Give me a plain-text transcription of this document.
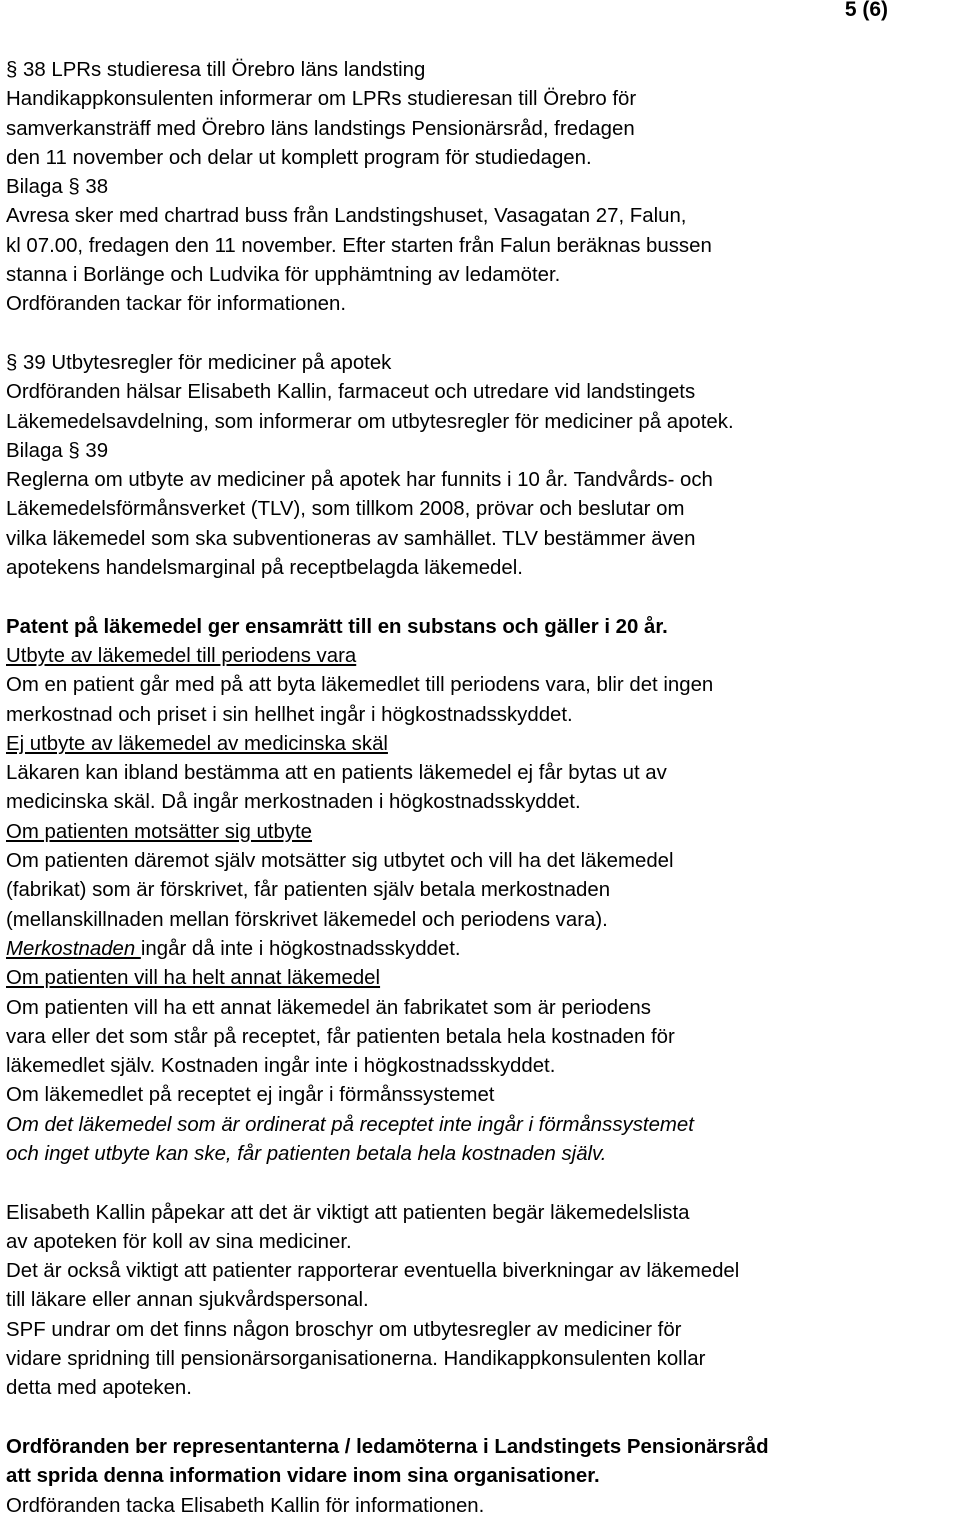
5 (6)

§ 38 LPRs studieresa till Örebro läns landsting

Handikappkonsulenten informerar om LPRs studieresan till Örebro för

samverkansträff med Örebro läns landstings Pensionärsråd, fredagen

den 11 november och delar ut komplett program för studiedagen.

Bilaga § 38

Avresa sker med chartrad buss från Landstingshuset, Vasagatan 27, Falun,

kl 07.00, fredagen den 11 november. Efter starten från Falun beräknas bussen

stanna i Borlänge och Ludvika för upphämtning av ledamöter.

Ordföranden tackar för informationen.

§ 39 Utbytesregler för mediciner på apotek

Ordföranden hälsar Elisabeth Kallin, farmaceut och utredare vid landstingets

Läkemedelsavdelning, som informerar om utbytesregler för mediciner på apotek.

Bilaga § 39

Reglerna om utbyte av mediciner på apotek har funnits i 10 år. Tandvårds- och

Läkemedelsförmånsverket (TLV), som tillkom 2008, prövar och beslutar om

vilka läkemedel som ska subventioneras av samhället. TLV bestämmer även

apotekens handelsmarginal på receptbelagda läkemedel.

Patent på läkemedel ger ensamrätt till en substans och gäller i 20 år.

Utbyte av läkemedel till periodens vara

Om en patient går med på att byta läkemedlet till periodens vara, blir det ingen

merkostnad och priset i sin hellhet ingår i högkostnadsskyddet.

Ej utbyte av läkemedel av medicinska skäl

Läkaren kan ibland bestämma att en patients läkemedel ej får bytas ut av

medicinska skäl. Då ingår merkostnaden i högkostnadsskyddet.

Om patienten motsätter sig utbyte

Om patienten däremot själv motsätter sig utbytet och vill ha det läkemedel

(fabrikat) som är förskrivet, får patienten själv betala merkostnaden

(mellanskillnaden mellan förskrivet läkemedel och periodens vara).

Merkostnaden ingår då inte i högkostnadsskyddet.

Om patienten vill ha helt annat läkemedel

Om patienten vill ha ett annat läkemedel än fabrikatet som är periodens

vara eller det som står på receptet, får patienten betala hela kostnaden för

läkemedlet själv. Kostnaden ingår inte i högkostnadsskyddet.

Om läkemedlet på receptet ej ingår i förmånssystemet

Om det läkemedel som är ordinerat på receptet inte ingår i förmånssystemet

och inget utbyte kan ske, får patienten betala hela kostnaden själv.

Elisabeth Kallin påpekar att det är viktigt att patienten begär läkemedelslista

av apoteken för koll av sina mediciner.

Det är också viktigt att patienter rapporterar eventuella biverkningar av läkemedel

till läkare eller annan sjukvårdspersonal.

SPF undrar om det finns någon broschyr om utbytesregler av mediciner för

vidare spridning till pensionärsorganisationerna. Handikappkonsulenten kollar

detta med apoteken.

Ordföranden ber representanterna / ledamöterna i Landstingets Pensionärsråd

att sprida denna information vidare inom sina organisationer.

Ordföranden tacka Elisabeth Kallin för informationen.
